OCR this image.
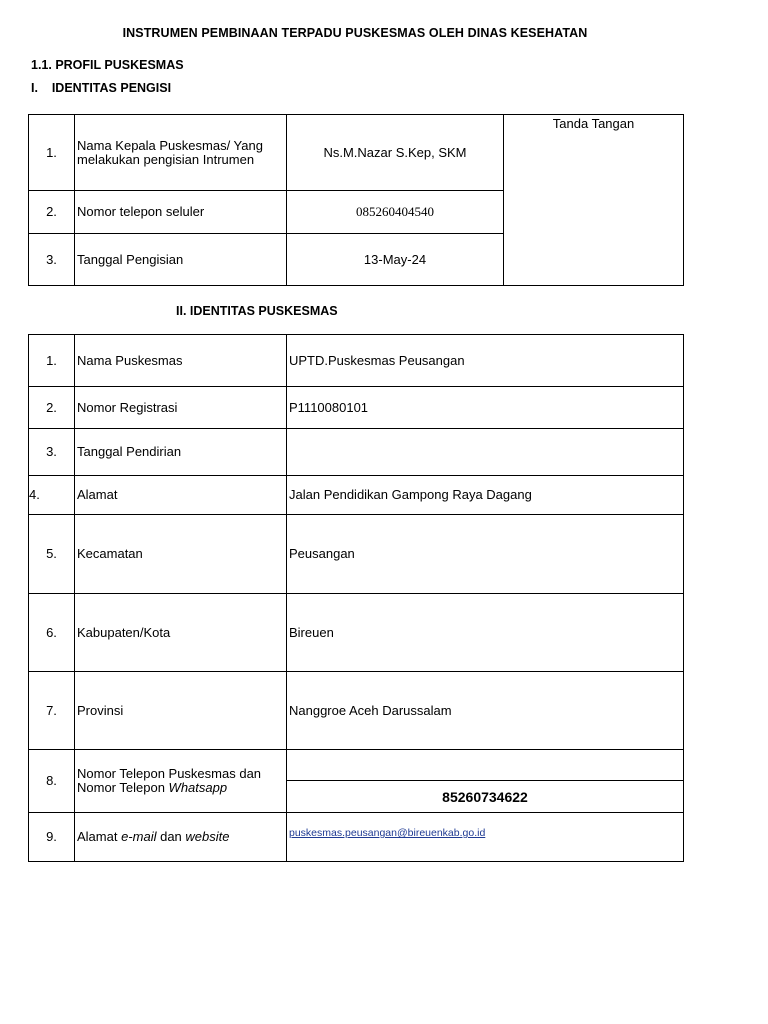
INSTRUMEN PEMBINAAN TERPADU PUSKESMAS OLEH DINAS KESEHATAN
1.1. PROFIL PUSKESMAS
I.    IDENTITAS PENGISI
1.	Nama Kepala Puskesmas/ Yang melakukan pengisian Intrumen	Ns.M.Nazar S.Kep, SKM	Tanda Tangan
2.	Nomor telepon seluler	085260404540	
3.	Tanggal Pengisian	13-May-24	
II. IDENTITAS PUSKESMAS
1.	Nama Puskesmas	UPTD.Puskesmas Peusangan
2.	Nomor Registrasi	P1110080101
3.	Tanggal Pendirian	
4.	Alamat	Jalan Pendidikan Gampong Raya Dagang
5.	Kecamatan	Peusangan
6.	Kabupaten/Kota	Bireuen
7.	Provinsi	Nanggroe Aceh Darussalam
8.	Nomor Telepon Puskesmas dan Nomor Telepon Whatsapp	
		85260734622
9.	Alamat e-mail dan website	puskesmas.peusangan@bireuenkab.go.id
